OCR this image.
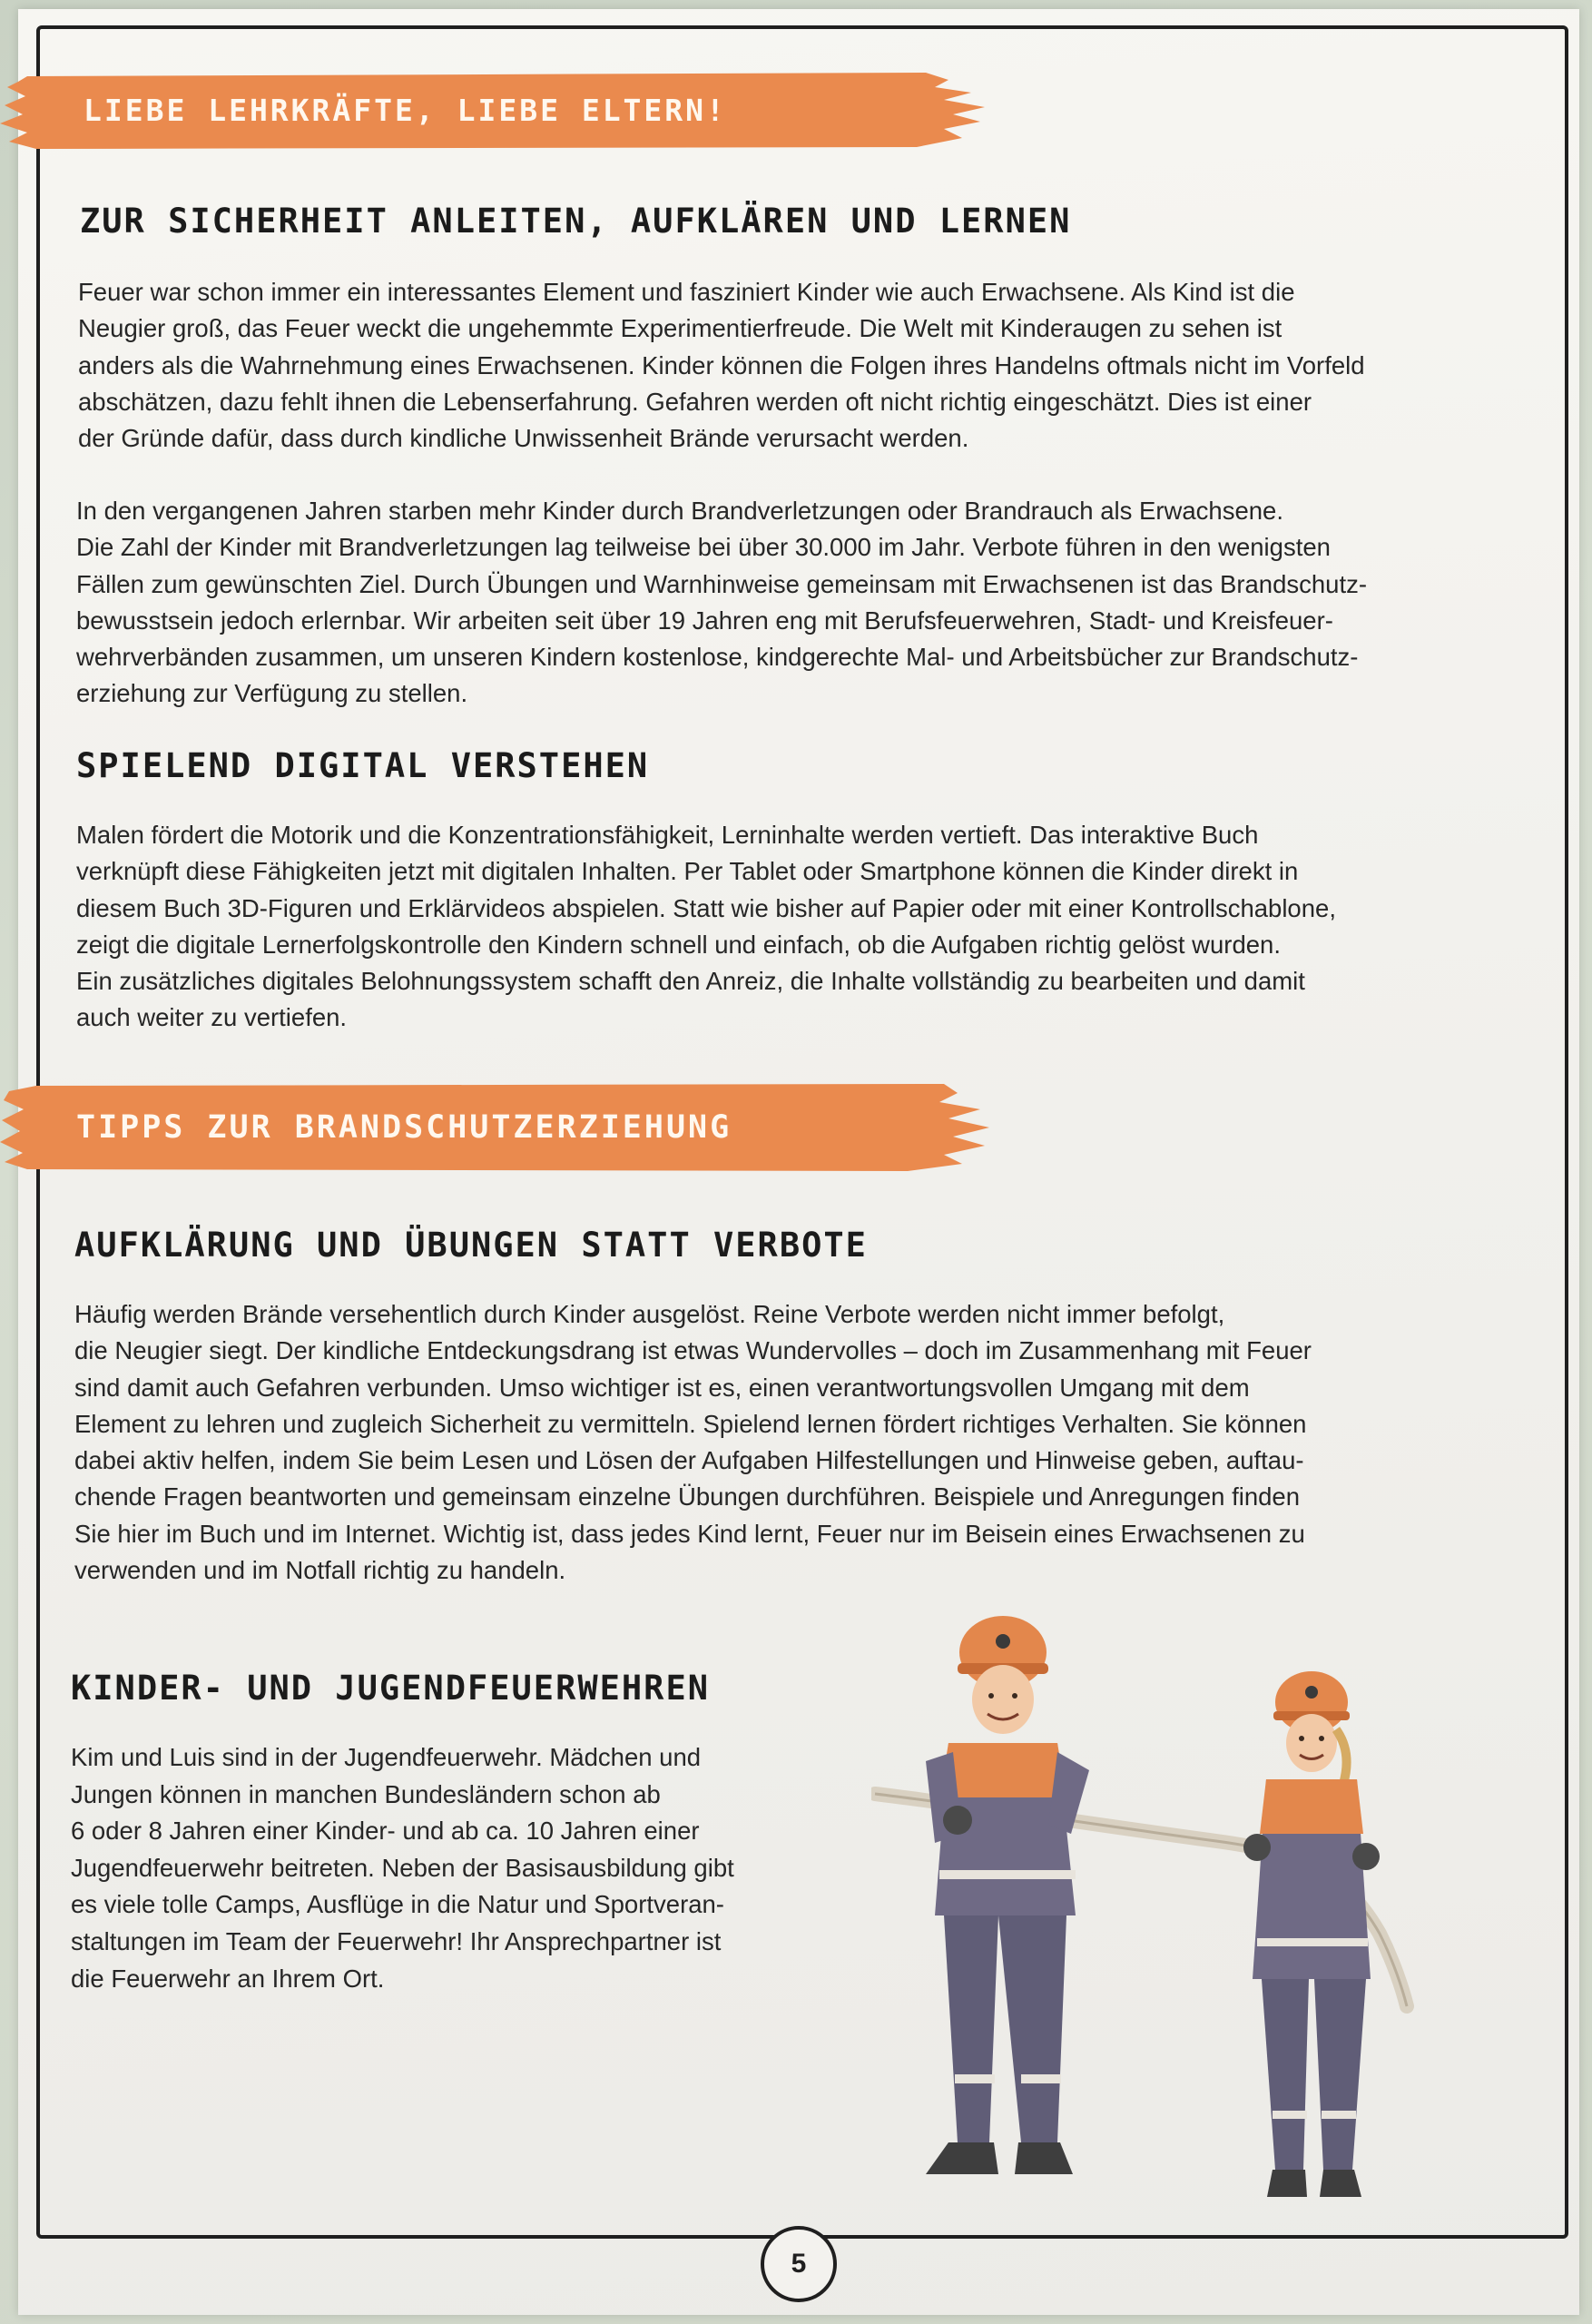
LIEBE LEHRKRÄFTE, LIEBE ELTERN!
ZUR SICHERHEIT ANLEITEN, AUFKLÄREN UND LERNEN
Feuer war schon immer ein interessantes Element und fasziniert Kinder wie auch Erwachsene. Als Kind ist die
Neugier groß, das Feuer weckt die ungehemmte Experimentierfreude. Die Welt mit Kinderaugen zu sehen ist
anders als die Wahrnehmung eines Erwachsenen. Kinder können die Folgen ihres Handelns oftmals nicht im Vorfeld
abschätzen, dazu fehlt ihnen die Lebenserfahrung. Gefahren werden oft nicht richtig eingeschätzt. Dies ist einer
der Gründe dafür, dass durch kindliche Unwissenheit Brände verursacht werden.
In den vergangenen Jahren starben mehr Kinder durch Brandverletzungen oder Brandrauch als Erwachsene.
Die Zahl der Kinder mit Brandverletzungen lag teilweise bei über 30.000 im Jahr. Verbote führen in den wenigsten
Fällen zum gewünschten Ziel. Durch Übungen und Warnhinweise gemeinsam mit Erwachsenen ist das Brandschutz-
bewusstsein jedoch erlernbar. Wir arbeiten seit über 19 Jahren eng mit Berufsfeuerwehren, Stadt- und Kreisfeuer-
wehrverbänden zusammen, um unseren Kindern kostenlose, kindgerechte Mal- und Arbeitsbücher zur Brandschutz-
erziehung zur Verfügung zu stellen.
SPIELEND DIGITAL VERSTEHEN
Malen fördert die Motorik und die Konzentrationsfähigkeit, Lerninhalte werden vertieft. Das interaktive Buch
verknüpft diese Fähigkeiten jetzt mit digitalen Inhalten. Per Tablet oder Smartphone können die Kinder direkt in
diesem Buch 3D-Figuren und Erklärvideos abspielen. Statt wie bisher auf Papier oder mit einer Kontrollschablone,
zeigt die digitale Lernerfolgskontrolle den Kindern schnell und einfach, ob die Aufgaben richtig gelöst wurden.
Ein zusätzliches digitales Belohnungssystem schafft den Anreiz, die Inhalte vollständig zu bearbeiten und damit
auch weiter zu vertiefen.
TIPPS ZUR BRANDSCHUTZERZIEHUNG
AUFKLÄRUNG UND ÜBUNGEN STATT VERBOTE
Häufig werden Brände versehentlich durch Kinder ausgelöst. Reine Verbote werden nicht immer befolgt,
die Neugier siegt. Der kindliche Entdeckungsdrang ist etwas Wundervolles – doch im Zusammenhang mit Feuer
sind damit auch Gefahren verbunden. Umso wichtiger ist es, einen verantwortungsvollen Umgang mit dem
Element zu lehren und zugleich Sicherheit zu vermitteln. Spielend lernen fördert richtiges Verhalten. Sie können
dabei aktiv helfen, indem Sie beim Lesen und Lösen der Aufgaben Hilfestellungen und Hinweise geben, auftau-
chende Fragen beantworten und gemeinsam einzelne Übungen durchführen. Beispiele und Anregungen finden
Sie hier im Buch und im Internet. Wichtig ist, dass jedes Kind lernt, Feuer nur im Beisein eines Erwachsenen zu
verwenden und im Notfall richtig zu handeln.
KINDER- UND JUGENDFEUERWEHREN
Kim und Luis sind in der Jugendfeuerwehr. Mädchen und
Jungen können in manchen Bundesländern schon ab
6 oder 8 Jahren einer Kinder- und ab ca. 10 Jahren einer
Jugendfeuerwehr beitreten. Neben der Basisausbildung gibt
es viele tolle Camps, Ausflüge in die Natur und Sportveran-
staltungen im Team der Feuerwehr! Ihr Ansprechpartner ist
die Feuerwehr an Ihrem Ort.
5
